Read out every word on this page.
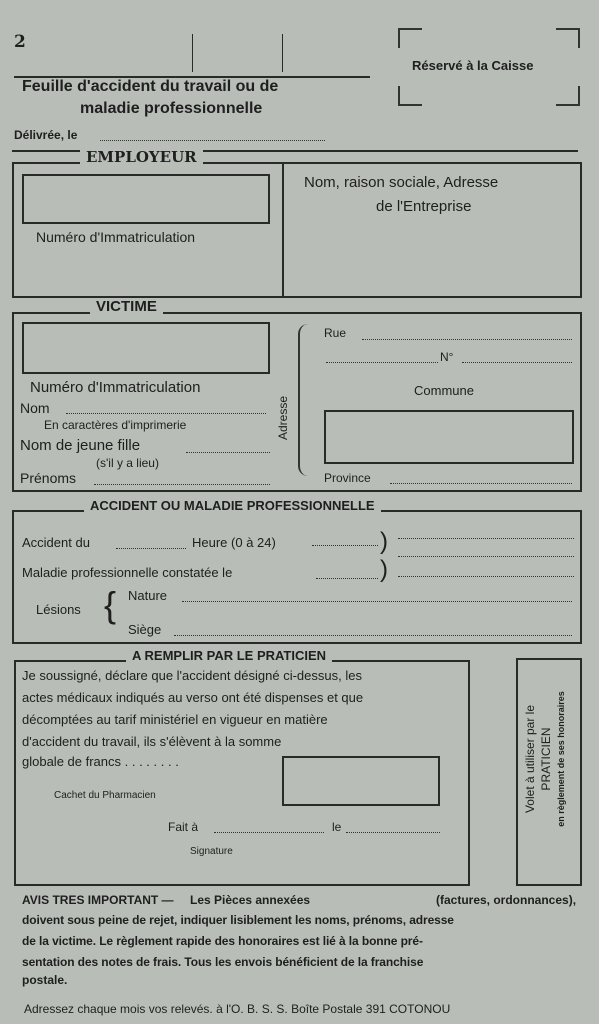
2
Réservé à la Caisse
Feuille d'accident du travail ou de
maladie professionnelle
Délivrée, le
EMPLOYEUR
Numéro d'Immatriculation
Nom, raison sociale, Adresse
de l'Entreprise
VICTIME
Numéro d'Immatriculation
Nom
En caractères d'imprimerie
Nom de jeune fille
(s'il y a lieu)
Prénoms
Adresse
Rue
N°
Commune
Province
ACCIDENT OU MALADIE PROFESSIONNELLE
Accident du	Heure (0 à 24)	)
Maladie professionnelle constatée le	)
Lésions { Nature
Siège
A REMPLIR PAR LE PRATICIEN
Je soussigné, déclare que l'accident désigné ci-dessus, les
actes médicaux indiqués au verso ont été dispenses et que
décomptées au tarif ministériel en vigueur en matière
d'accident du travail, ils s'élèvent à la somme
globale de francs . . . . . . . .
Cachet du Pharmacien
Fait à	le
Signature
Volet à utiliser par le PRATICIEN en règlement de ses honoraires
AVIS TRES IMPORTANT — Les Pièces annexées	(factures, ordonnances),
doivent sous peine de rejet, indiquer lisiblement les noms, prénoms, adresse
de la victime. Le règlement rapide des honoraires est lié à la bonne pré-
sentation des notes de frais. Tous les envois bénéficient de la franchise
postale.
Adressez chaque mois vos relevés. à l'O. B. S. S. Boîte Postale 391 COTONOU
